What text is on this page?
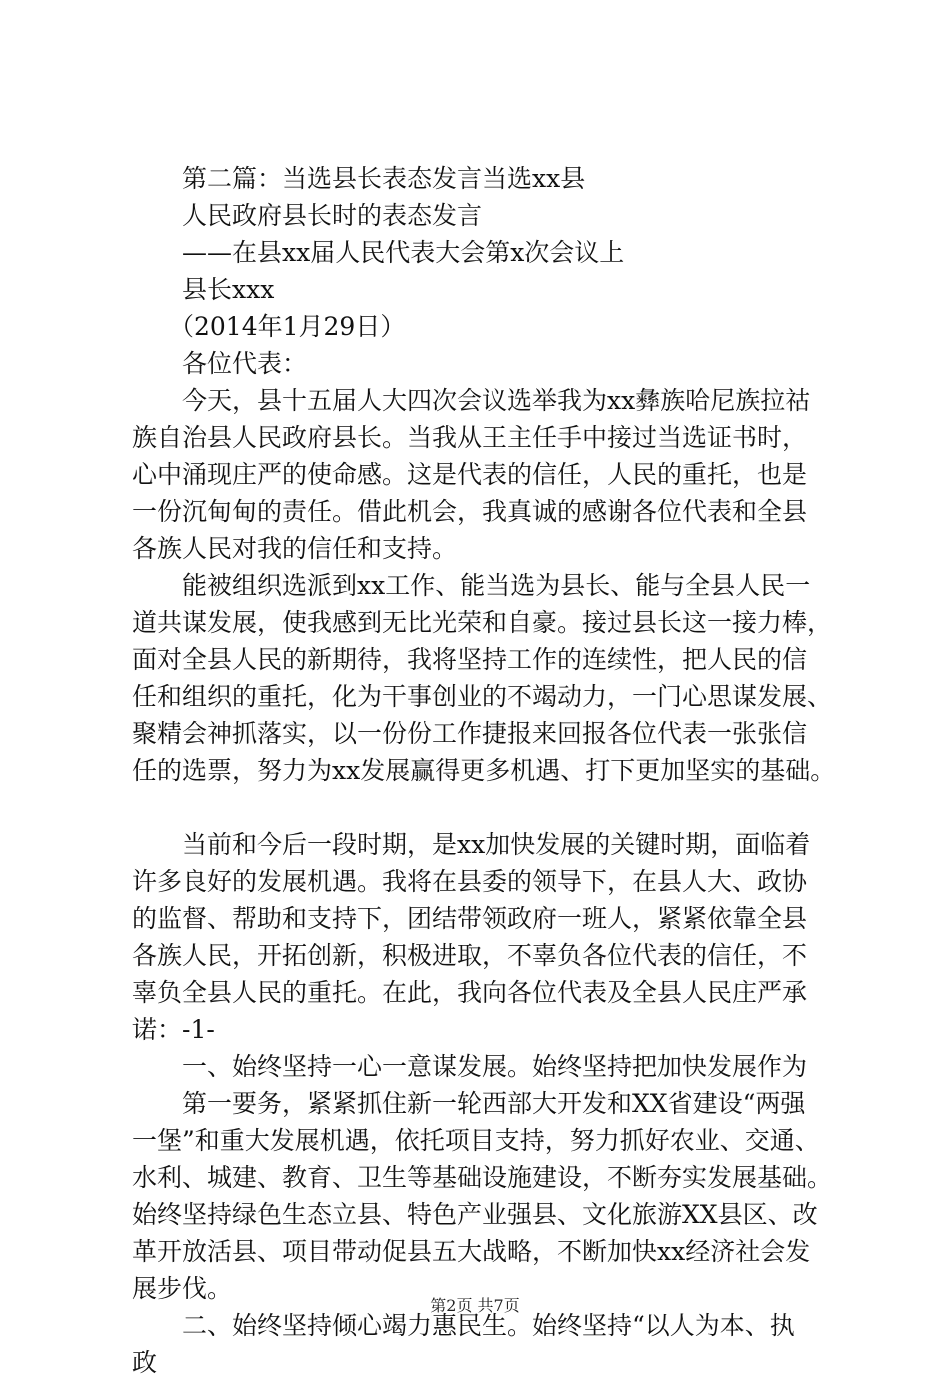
第二篇：当选县长表态发言当选xx县
人民政府县长时的表态发言
——在县xx届人民代表大会第x次会议上
县长xxx
（2014年1月29日）
各位代表：
今天，县十五届人大四次会议选举我为xx彝族哈尼族拉祜
族自治县人民政府县长。当我从王主任手中接过当选证书时，
心中涌现庄严的使命感。这是代表的信任，人民的重托，也是
一份沉甸甸的责任。借此机会，我真诚的感谢各位代表和全县
各族人民对我的信任和支持。
能被组织选派到xx工作、能当选为县长、能与全县人民一
道共谋发展，使我感到无比光荣和自豪。接过县长这一接力棒，
面对全县人民的新期待，我将坚持工作的连续性，把人民的信
任和组织的重托，化为干事创业的不竭动力，一门心思谋发展、
聚精会神抓落实，以一份份工作捷报来回报各位代表一张张信
任的选票，努力为xx发展赢得更多机遇、打下更加坚实的基础。
当前和今后一段时期，是xx加快发展的关键时期，面临着
许多良好的发展机遇。我将在县委的领导下，在县人大、政协
的监督、帮助和支持下，团结带领政府一班人，紧紧依靠全县
各族人民，开拓创新，积极进取，不辜负各位代表的信任，不
辜负全县人民的重托。在此，我向各位代表及全县人民庄严承
诺：-1-
一、始终坚持一心一意谋发展。始终坚持把加快发展作为
第一要务，紧紧抓住新一轮西部大开发和XX省建设“两强
一堡”和重大发展机遇，依托项目支持，努力抓好农业、交通、
水利、城建、教育、卫生等基础设施建设，不断夯实发展基础。
始终坚持绿色生态立县、特色产业强县、文化旅游XX县区、改
革开放活县、项目带动促县五大战略，不断加快xx经济社会发
展步伐。
二、始终坚持倾心竭力惠民生。始终坚持“以人为本、执
政
第2页 共7页
